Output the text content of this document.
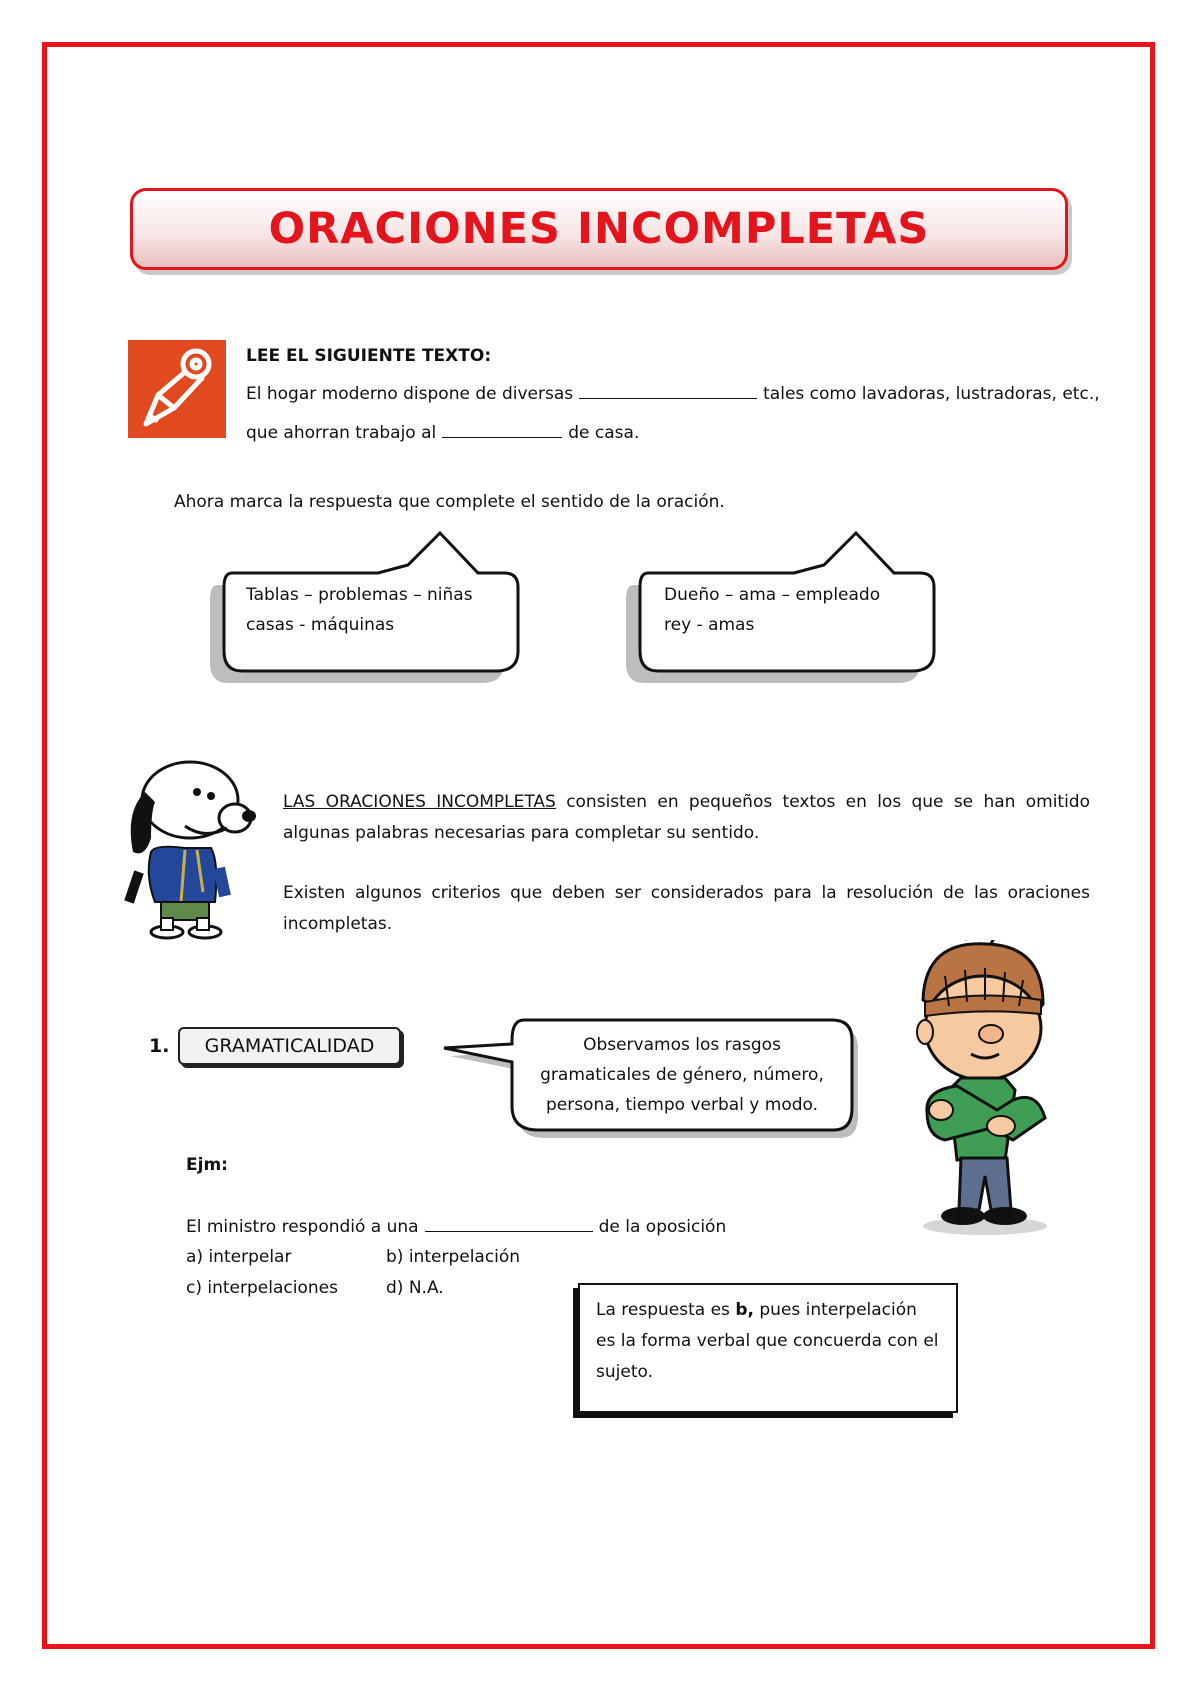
ORACIONES INCOMPLETAS
LEE EL SIGUIENTE TEXTO:
El hogar moderno dispone de diversas	tales como lavadoras, lustradoras, etc.,
que ahorran trabajo al	de casa.
Ahora marca la respuesta que complete el sentido de la oración.
Tablas – problemas – niñas
casas - máquinas
Dueño – ama – empleado
rey - amas
LAS ORACIONES INCOMPLETAS consisten en pequeños textos en los que se han omitido algunas palabras necesarias para completar su sentido.
Existen algunos criterios que deben ser considerados para la resolución de las oraciones incompletas.
1. GRAMATICALIDAD	Observamos los rasgos
gramaticales de género, número,
persona, tiempo verbal y modo.
Ejm:
El ministro respondió a una	de la oposición
a) interpelar	b) interpelación
c) interpelaciones	d) N.A.
La respuesta es b, pues interpelación es la forma verbal que concuerda con el sujeto.
